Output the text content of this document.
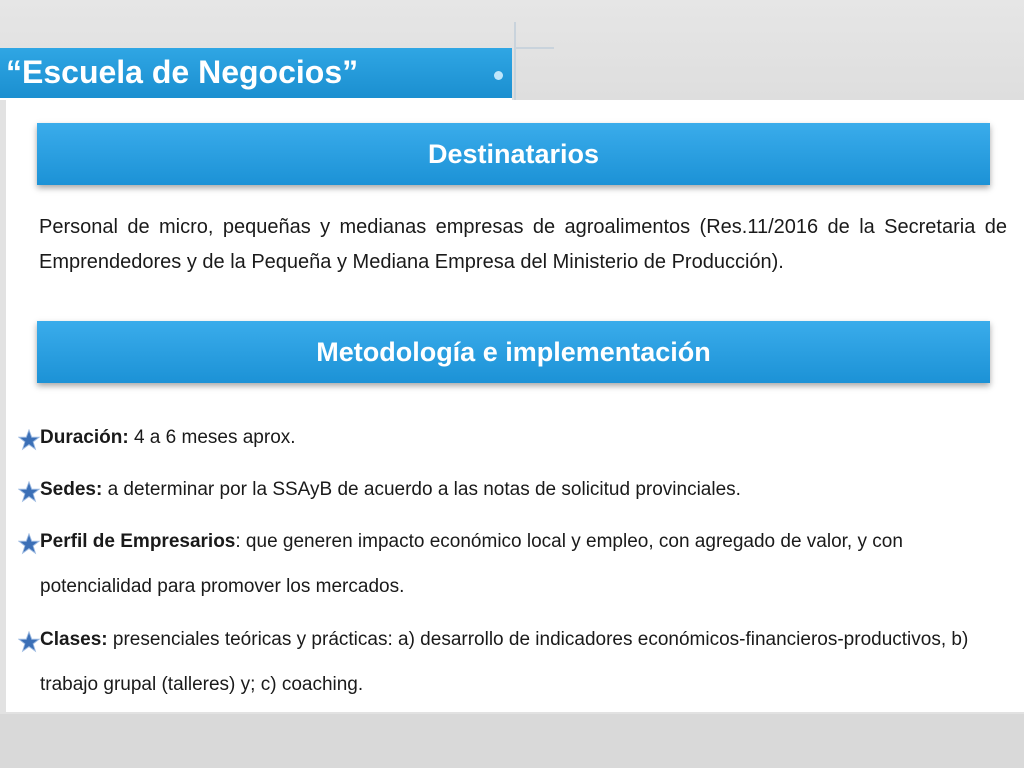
“Escuela de Negocios”
Destinatarios
Personal de micro, pequeñas y medianas empresas de agroalimentos (Res.11/2016 de la Secretaria de Emprendedores y de la Pequeña y Mediana Empresa del Ministerio de Producción).
Metodología e implementación
Duración: 4 a 6 meses aprox.
Sedes: a determinar por la SSAyB de acuerdo a las notas de solicitud provinciales.
Perfil de Empresarios: que generen impacto económico local y empleo, con agregado de valor, y con potencialidad para promover los mercados.
Clases: presenciales teóricas y prácticas: a) desarrollo de indicadores económicos-financieros-productivos, b) trabajo grupal (talleres) y; c) coaching.
